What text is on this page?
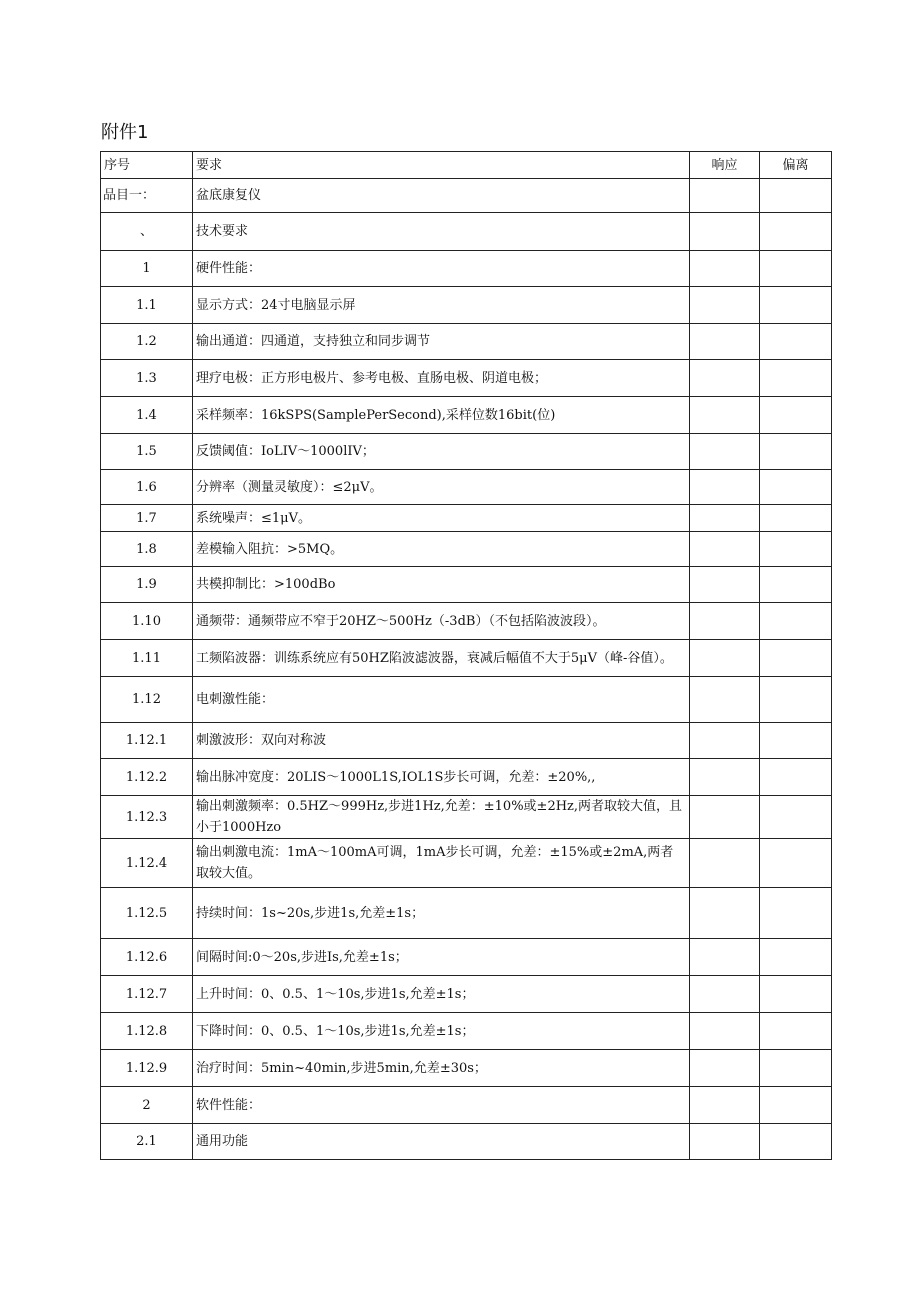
附件1
序号	要求	响应	偏离
品目一：	盆底康复仪		
、	技术要求		
1	硬件性能：		
1.1	显示方式：24寸电脑显示屏		
1.2	输出通道：四通道，支持独立和同步调节		
1.3	理疗电极：正方形电极片、参考电极、直肠电极、阴道电极；		
1.4	采样频率：16kSPS(SamplePerSecond),采样位数16bit(位)		
1.5	反馈阈值：IoLIV～1000lIV；		
1.6	分辨率（测量灵敏度）：≤2μV。		
1.7	系统噪声：≤1μV。		
1.8	差模输入阻抗：>5MQ。		
1.9	共模抑制比：>100dBo		
1.10	通频带：通频带应不窄于20HZ～500Hz（-3dB）（不包括陷波波段）。		
1.11	工频陷波器：训练系统应有50HZ陷波滤波器，衰减后幅值不大于5μV（峰-谷值）。		
1.12	电刺激性能：		
1.12.1	刺激波形：双向对称波		
1.12.2	输出脉冲宽度：20LIS～1000L1S,IOL1S步长可调，允差：±20%,,		
1.12.3	输出刺激频率：0.5HZ～999Hz,步进1Hz,允差：±10%或±2Hz,两者取较大值，且小于1000Hzo		
1.12.4	输出刺激电流：1mA～100mA可调，1mA步长可调，允差：±15%或±2mA,两者取较大值。		
1.12.5	持续时间：1s~20s,步进1s,允差±1s；		
1.12.6	间隔时间:0～20s,步进Is,允差±1s；		
1.12.7	上升时间：0、0.5、1～10s,步进1s,允差±1s；		
1.12.8	下降时间：0、0.5、1～10s,步进1s,允差±1s；		
1.12.9	治疗时间：5min~40min,步进5min,允差±30s；		
2	软件性能：		
2.1	通用功能		
